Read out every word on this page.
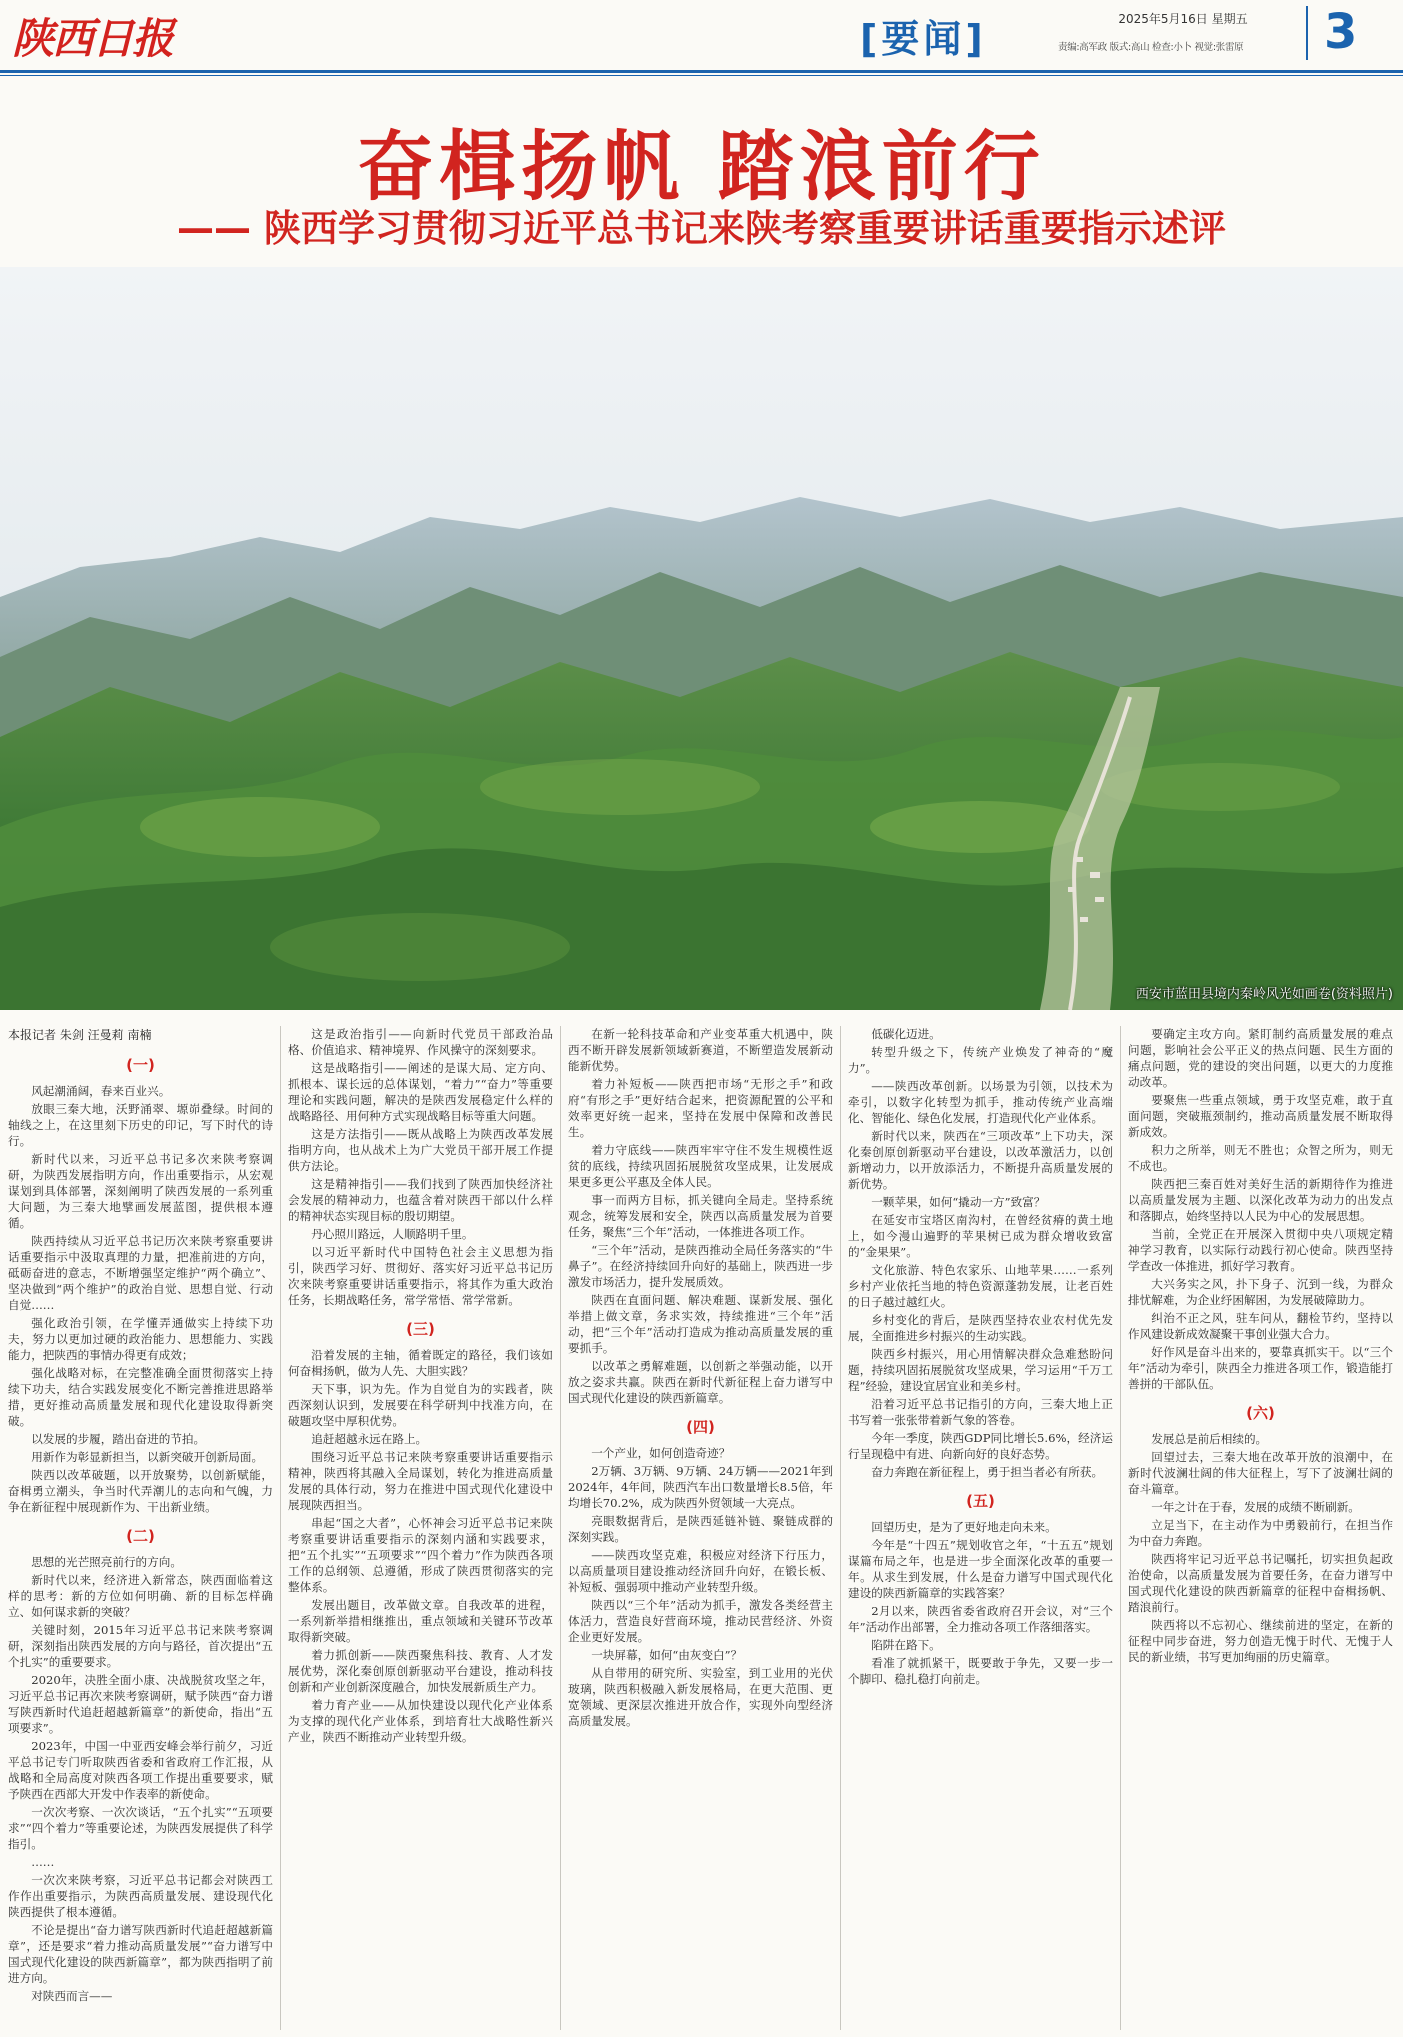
陕西日报	[要闻]	2025年5月16日 星期五
责编:高军政 版式:高山 检查:小卜 视觉:张雷原	3
奋楫扬帆 踏浪前行
—— 陕西学习贯彻习近平总书记来陕考察重要讲话重要指示述评
西安市蓝田县境内秦岭风光如画卷(资料照片)
本报记者 朱剑 汪曼莉 南楠
(一)

风起潮涌阔，春来百业兴。

放眼三秦大地，沃野涌翠、塬峁叠绿。时间的轴线之上，在这里刻下历史的印记，写下时代的诗行。

新时代以来，习近平总书记多次来陕考察调研，为陕西发展指明方向，作出重要指示，从宏观谋划到具体部署，深刻阐明了陕西发展的一系列重大问题，为三秦大地擘画发展蓝图，提供根本遵循。

陕西持续从习近平总书记历次来陕考察重要讲话重要指示中汲取真理的力量，把准前进的方向，砥砺奋进的意志，不断增强坚定维护“两个确立”、坚决做到“两个维护”的政治自觉、思想自觉、行动自觉……

强化政治引领，在学懂弄通做实上持续下功夫，努力以更加过硬的政治能力、思想能力、实践能力，把陕西的事情办得更有成效；

强化战略对标，在完整准确全面贯彻落实上持续下功夫，结合实践发展变化不断完善推进思路举措，更好推动高质量发展和现代化建设取得新突破。

以发展的步履，踏出奋进的节拍。

用新作为彰显新担当，以新突破开创新局面。

陕西以改革破题，以开放聚势，以创新赋能，奋楫勇立潮头，争当时代弄潮儿的志向和气魄，力争在新征程中展现新作为、干出新业绩。

(二)

思想的光芒照亮前行的方向。

新时代以来，经济进入新常态，陕西面临着这样的思考：新的方位如何明确、新的目标怎样确立、如何谋求新的突破？

关键时刻，2015年习近平总书记来陕考察调研，深刻指出陕西发展的方向与路径，首次提出“五个扎实”的重要要求。

2020年，决胜全面小康、决战脱贫攻坚之年，习近平总书记再次来陕考察调研，赋予陕西“奋力谱写陕西新时代追赶超越新篇章”的新使命，指出“五项要求”。

2023年，中国一中亚西安峰会举行前夕，习近平总书记专门听取陕西省委和省政府工作汇报，从战略和全局高度对陕西各项工作提出重要要求，赋予陕西在西部大开发中作表率的新使命。

一次次考察、一次次谈话，“五个扎实”“五项要求”“四个着力”等重要论述，为陕西发展提供了科学指引。

……

一次次来陕考察，习近平总书记都会对陕西工作作出重要指示，为陕西高质量发展、建设现代化陕西提供了根本遵循。

不论是提出“奋力谱写陕西新时代追赶超越新篇章”，还是要求“着力推动高质量发展”“奋力谱写中国式现代化建设的陕西新篇章”，都为陕西指明了前进方向。

对陕西而言——

这是政治指引——向新时代党员干部政治品格、价值追求、精神境界、作风操守的深刻要求。

这是战略指引——阐述的是谋大局、定方向、抓根本、谋长远的总体谋划，“着力”“奋力”等重要理论和实践问题，解决的是陕西发展稳定什么样的战略路径、用何种方式实现战略目标等重大问题。

这是方法指引——既从战略上为陕西改革发展指明方向，也从战术上为广大党员干部开展工作提供方法论。

这是精神指引——我们找到了陕西加快经济社会发展的精神动力，也蕴含着对陕西干部以什么样的精神状态实现目标的殷切期望。

丹心照川路远，人顺路明千里。

以习近平新时代中国特色社会主义思想为指引，陕西学习好、贯彻好、落实好习近平总书记历次来陕考察重要讲话重要指示，将其作为重大政治任务，长期战略任务，常学常悟、常学常新。

(三)

沿着发展的主轴，循着既定的路径，我们该如何奋楫扬帆，做为人先、大胆实践？

天下事，识为先。作为自觉自为的实践者，陕西深刻认识到，发展要在科学研判中找准方向，在破题攻坚中厚积优势。

追赶超越永远在路上。

围绕习近平总书记来陕考察重要讲话重要指示精神，陕西将其融入全局谋划，转化为推进高质量发展的具体行动，努力在推进中国式现代化建设中展现陕西担当。

串起“国之大者”，心怀神会习近平总书记来陕考察重要讲话重要指示的深刻内涵和实践要求，把“五个扎实”“五项要求”“四个着力”作为陕西各项工作的总纲领、总遵循，形成了陕西贯彻落实的完整体系。

发展出题目，改革做文章。自我改革的进程，一系列新举措相继推出，重点领域和关键环节改革取得新突破。

着力抓创新——陕西聚焦科技、教育、人才发展优势，深化秦创原创新驱动平台建设，推动科技创新和产业创新深度融合，加快发展新质生产力。

着力育产业——从加快建设以现代化产业体系为支撑的现代化产业体系，到培育壮大战略性新兴产业，陕西不断推动产业转型升级。

在新一轮科技革命和产业变革重大机遇中，陕西不断开辟发展新领域新赛道，不断塑造发展新动能新优势。

着力补短板——陕西把市场“无形之手”和政府“有形之手”更好结合起来，把资源配置的公平和效率更好统一起来，坚持在发展中保障和改善民生。

着力守底线——陕西牢牢守住不发生规模性返贫的底线，持续巩固拓展脱贫攻坚成果，让发展成果更多更公平惠及全体人民。

事一而两方目标，抓关键向全局走。坚持系统观念，统筹发展和安全，陕西以高质量发展为首要任务，聚焦“三个年”活动，一体推进各项工作。

“三个年”活动，是陕西推动全局任务落实的“牛鼻子”。在经济持续回升向好的基础上，陕西进一步激发市场活力，提升发展质效。

陕西在直面问题、解决难题、谋新发展、强化举措上做文章，务求实效，持续推进“三个年”活动，把“三个年”活动打造成为推动高质量发展的重要抓手。

以改革之勇解难题，以创新之举强动能，以开放之姿求共赢。陕西在新时代新征程上奋力谱写中国式现代化建设的陕西新篇章。

(四)

一个产业，如何创造奇迹？

2万辆、3万辆、9万辆、24万辆——2021年到2024年，4年间，陕西汽车出口数量增长8.5倍，年均增长70.2%，成为陕西外贸领域一大亮点。

亮眼数据背后，是陕西延链补链、聚链成群的深刻实践。

——陕西攻坚克难，积极应对经济下行压力，以高质量项目建设推动经济回升向好，在锻长板、补短板、强弱项中推动产业转型升级。

陕西以“三个年”活动为抓手，激发各类经营主体活力，营造良好营商环境，推动民营经济、外资企业更好发展。

一块屏幕，如何“由灰变白”？

从自带用的研究所、实验室，到工业用的光伏玻璃，陕西积极融入新发展格局，在更大范围、更宽领域、更深层次推进开放合作，实现外向型经济高质量发展。

低碳化迈进。

转型升级之下，传统产业焕发了神奇的“魔力”。

——陕西改革创新。以场景为引领，以技术为牵引，以数字化转型为抓手，推动传统产业高端化、智能化、绿色化发展，打造现代化产业体系。

新时代以来，陕西在“三项改革”上下功夫，深化秦创原创新驱动平台建设，以改革激活力，以创新增动力，以开放添活力，不断提升高质量发展的新优势。

一颗苹果，如何“撬动一方”致富？

在延安市宝塔区南沟村，在曾经贫瘠的黄土地上，如今漫山遍野的苹果树已成为群众增收致富的“金果果”。

文化旅游、特色农家乐、山地苹果……一系列乡村产业依托当地的特色资源蓬勃发展，让老百姓的日子越过越红火。

乡村变化的背后，是陕西坚持农业农村优先发展，全面推进乡村振兴的生动实践。

陕西乡村振兴，用心用情解决群众急难愁盼问题，持续巩固拓展脱贫攻坚成果，学习运用“千万工程”经验，建设宜居宜业和美乡村。

沿着习近平总书记指引的方向，三秦大地上正书写着一张张带着新气象的答卷。

今年一季度，陕西GDP同比增长5.6%，经济运行呈现稳中有进、向新向好的良好态势。

奋力奔跑在新征程上，勇于担当者必有所获。

(五)

回望历史，是为了更好地走向未来。

今年是“十四五”规划收官之年，“十五五”规划谋篇布局之年，也是进一步全面深化改革的重要一年。从求生到发展，什么是奋力谱写中国式现代化建设的陕西新篇章的实践答案？

2月以来，陕西省委省政府召开会议，对“三个年”活动作出部署，全力推动各项工作落细落实。

陷阱在路下。

看准了就抓紧干，既要敢于争先，又要一步一个脚印、稳扎稳打向前走。

要确定主攻方向。紧盯制约高质量发展的难点问题，影响社会公平正义的热点问题、民生方面的痛点问题，党的建设的突出问题，以更大的力度推动改革。

要聚焦一些重点领域，勇于攻坚克难，敢于直面问题，突破瓶颈制约，推动高质量发展不断取得新成效。

积力之所举，则无不胜也；众智之所为，则无不成也。

陕西把三秦百姓对美好生活的新期待作为推进以高质量发展为主题、以深化改革为动力的出发点和落脚点，始终坚持以人民为中心的发展思想。

当前，全党正在开展深入贯彻中央八项规定精神学习教育，以实际行动践行初心使命。陕西坚持学查改一体推进，抓好学习教育。

大兴务实之风，扑下身子、沉到一线，为群众排忧解难，为企业纾困解困，为发展破障助力。

纠治不正之风，驻车问从，翻检节约，坚持以作风建设新成效凝聚干事创业强大合力。

好作风是奋斗出来的，要靠真抓实干。以“三个年”活动为牵引，陕西全力推进各项工作，锻造能打善拼的干部队伍。

(六)

发展总是前后相续的。

回望过去，三秦大地在改革开放的浪潮中，在新时代波澜壮阔的伟大征程上，写下了波澜壮阔的奋斗篇章。

一年之计在于春，发展的成绩不断刷新。

立足当下，在主动作为中勇毅前行，在担当作为中奋力奔跑。

陕西将牢记习近平总书记嘱托，切实担负起政治使命，以高质量发展为首要任务，在奋力谱写中国式现代化建设的陕西新篇章的征程中奋楫扬帆、踏浪前行。

陕西将以不忘初心、继续前进的坚定，在新的征程中同步奋进，努力创造无愧于时代、无愧于人民的新业绩，书写更加绚丽的历史篇章。
